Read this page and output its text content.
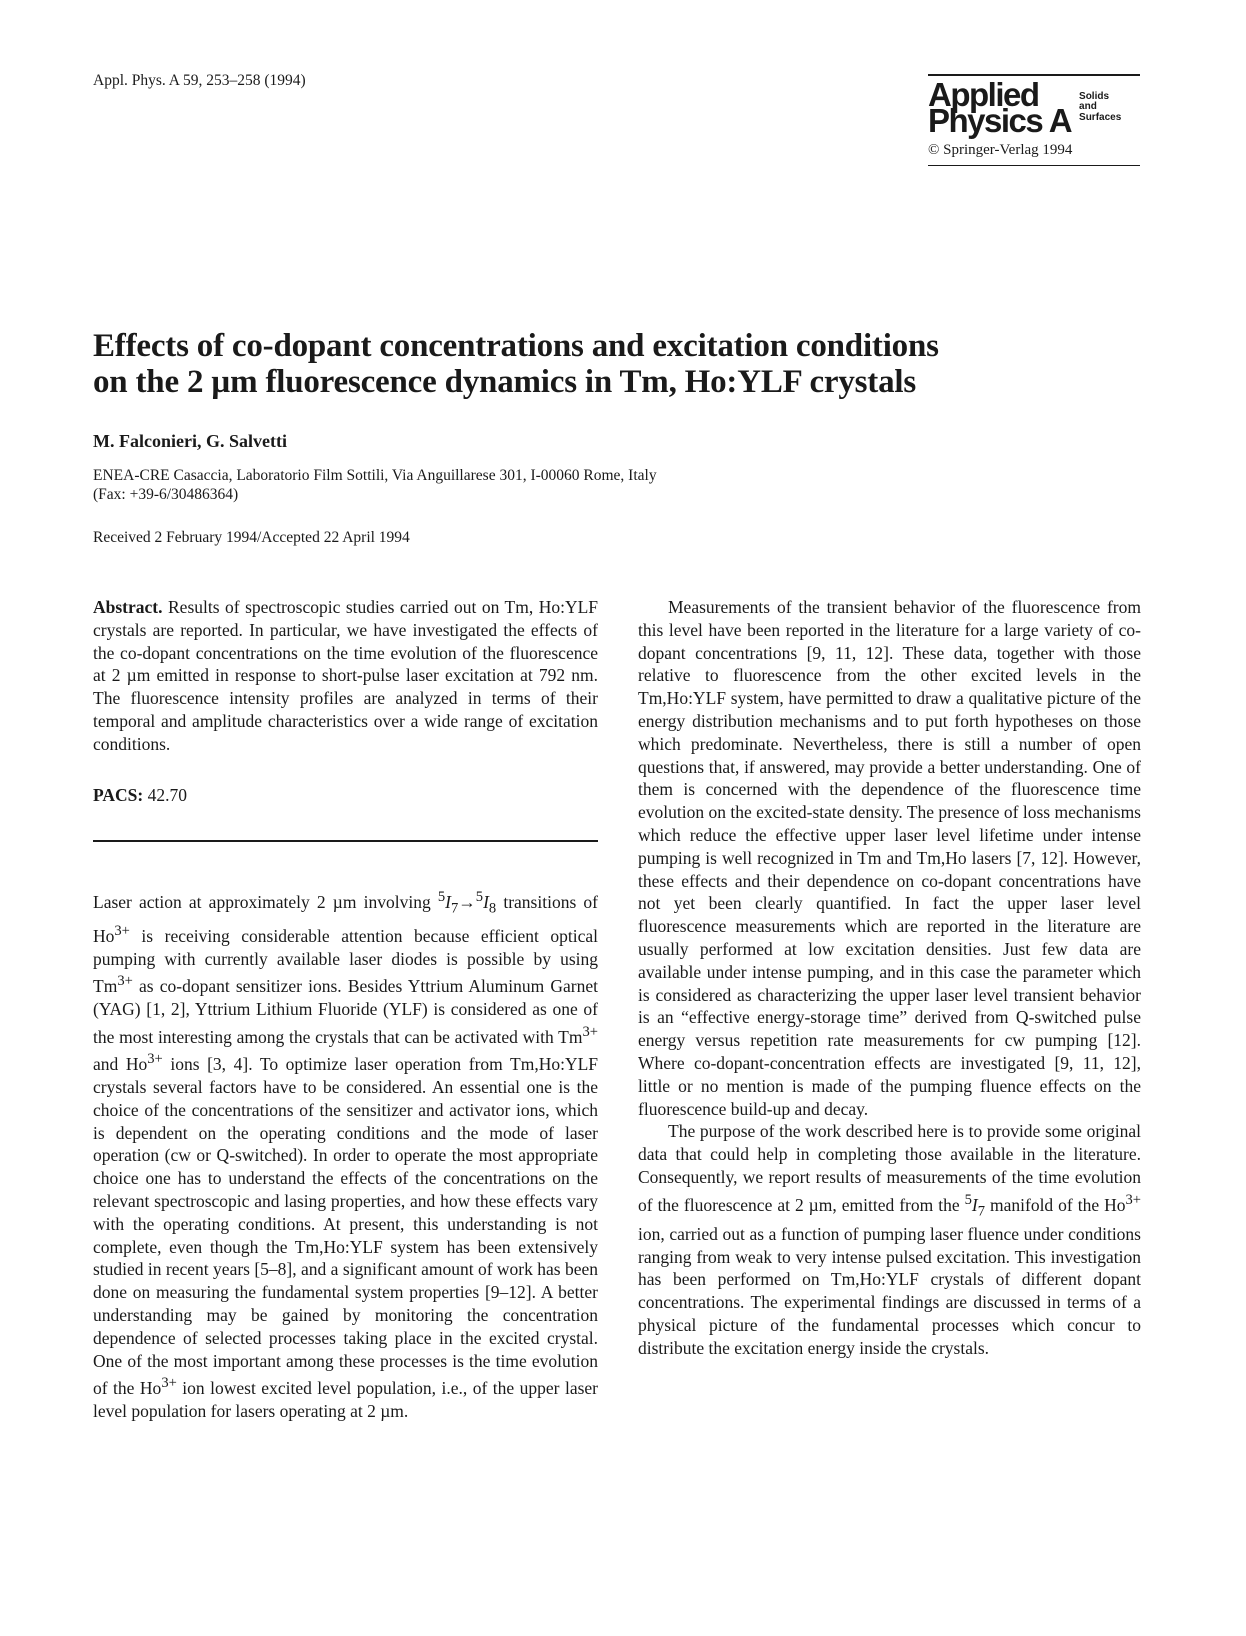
Appl. Phys. A 59, 253–258 (1994)	Applied
Physics A
Solids
and
Surfaces
© Springer-Verlag 1994
Effects of co-dopant concentrations and excitation conditions
on the 2 µm fluorescence dynamics in Tm, Ho:YLF crystals
M. Falconieri, G. Salvetti
ENEA-CRE Casaccia, Laboratorio Film Sottili, Via Anguillarese 301, I-00060 Rome, Italy
(Fax: +39-6/30486364)
Received 2 February 1994/Accepted 22 April 1994

Abstract. Results of spectroscopic studies carried out on Tm, Ho:YLF crystals are reported. In particular, we have investigated the effects of the co-dopant concentrations on the time evolution of the fluorescence at 2 µm emitted in response to short-pulse laser excitation at 792 nm. The fluorescence intensity profiles are analyzed in terms of their temporal and amplitude characteristics over a wide range of excitation conditions.

PACS: 42.70

Laser action at approximately 2 µm involving $^5I_7\to^5I_8$ transitions of $Ho^{3+}$ is receiving considerable attention because efficient optical pumping with currently available laser diodes is possible by using $Tm^{3+}$ as co-dopant sensitizer ions. Besides Yttrium Aluminum Garnet (YAG) [1, 2], Yttrium Lithium Fluoride (YLF) is considered as one of the most interesting among the crystals that can be activated with $Tm^{3+}$ and $Ho^{3+}$ ions [3, 4]. To optimize laser operation from Tm,Ho:YLF crystals several factors have to be considered. An essential one is the choice of the concentrations of the sensitizer and activator ions, which is dependent on the operating conditions and the mode of laser operation (cw or Q-switched). In order to operate the most appropriate choice one has to understand the effects of the concentrations on the relevant spectroscopic and lasing properties, and how these effects vary with the operating conditions. At present, this understanding is not complete, even though the Tm,Ho:YLF system has been extensively studied in recent years [5–8], and a significant amount of work has been done on measuring the fundamental system properties [9–12]. A better understanding may be gained by monitoring the concentration dependence of selected processes taking place in the excited crystal. One of the most important among these processes is the time evolution of the $Ho^{3+}$ ion lowest excited level population, i.e., of the upper laser level population for lasers operating at 2 µm.

Measurements of the transient behavior of the fluorescence from this level have been reported in the literature for a large variety of co-dopant concentrations [9, 11, 12]. These data, together with those relative to fluorescence from the other excited levels in the Tm,Ho:YLF system, have permitted to draw a qualitative picture of the energy distribution mechanisms and to put forth hypotheses on those which predominate. Nevertheless, there is still a number of open questions that, if answered, may provide a better understanding. One of them is concerned with the dependence of the fluorescence time evolution on the excited-state density. The presence of loss mechanisms which reduce the effective upper laser level lifetime under intense pumping is well recognized in Tm and Tm,Ho lasers [7, 12]. However, these effects and their dependence on co-dopant concentrations have not yet been clearly quantified. In fact the upper laser level fluorescence measurements which are reported in the literature are usually performed at low excitation densities. Just few data are available under intense pumping, and in this case the parameter which is considered as characterizing the upper laser level transient behavior is an “effective energy-storage time” derived from Q-switched pulse energy versus repetition rate measurements for cw pumping [12]. Where co-dopant-concentration effects are investigated [9, 11, 12], little or no mention is made of the pumping fluence effects on the fluorescence build-up and decay.

The purpose of the work described here is to provide some original data that could help in completing those available in the literature. Consequently, we report results of measurements of the time evolution of the fluorescence at 2 µm, emitted from the $^5I_7$ manifold of the $Ho^{3+}$ ion, carried out as a function of pumping laser fluence under conditions ranging from weak to very intense pulsed excitation. This investigation has been performed on Tm,Ho:YLF crystals of different dopant concentrations. The experimental findings are discussed in terms of a physical picture of the fundamental processes which concur to distribute the excitation energy inside the crystals.
